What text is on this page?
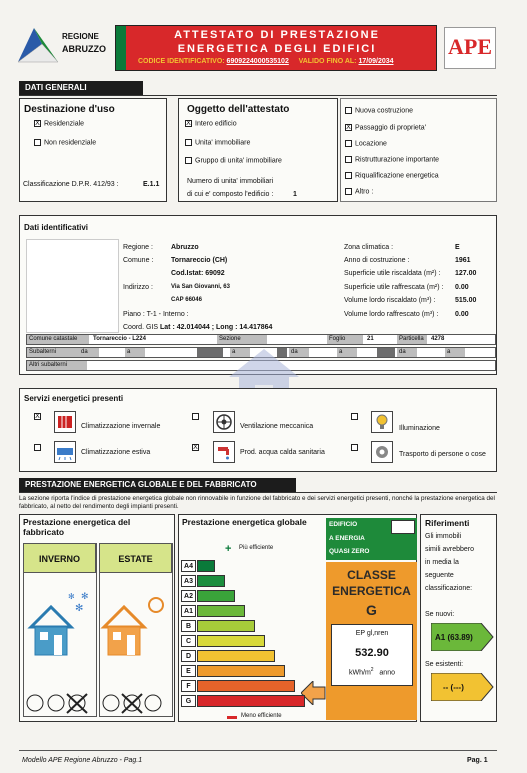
REGIONE
ABRUZZO
ATTESTATO DI PRESTAZIONE
ENERGETICA DEGLI EDIFICI
CODICE IDENTIFICATIVO: 6909224000535102 VALIDO FINO AL: 17/09/2034
APE
DATI GENERALI
Destinazione d'uso
X Residenziale
Non residenziale
Classificazione D.P.R. 412/93 :	E.1.1
Oggetto dell'attestato
X Intero edificio
Unita' immobiliare
Gruppo di unita' immobiliare
Numero di unita' immobiliari
di cui e' composto l'edificio :	1
Nuova costruzione
X Passaggio di proprieta'
Locazione
Ristrutturazione importante
Riqualificazione energetica
Altro :
Dati identificativi
Regione :	Abruzzo
Comune :	Tornareccio (CH)
Cod.Istat: 69092
Indirizzo :	Via San Giovanni, 63
CAP 66046
Piano : T-1 - Interno :
Coord. GIS :
Lat : 42.014044 ; Long : 14.417864
Zona climatica :	E
Anno di costruzione :	1961
Superficie utile riscaldata (m²) : 127.00
Superficie utile raffrescata (m²) : 0.00
Volume lordo riscaldato (m³) :	515.00
Volume lordo raffrescato (m³) : 0.00
Comune catastale	Tornareccio - L224	Sezione	Foglio	21	Particella	4278
Subalterni	da	a	a	da	a	da	a
Altri subalterni
Servizi energetici presenti
X
Climatizzazione invernale
Climatizzazione estiva
Ventilazione meccanica
X
Prod. acqua calda sanitaria
Illuminazione
Trasporto di persone o cose
PRESTAZIONE ENERGETICA GLOBALE E DEL FABBRICATO
La sezione riporta l'indice di prestazione energetica globale non rinnovabile in funzione del fabbricato e dei servizi energetici presenti, nonché la prestazione energetica del fabbricato, al netto del rendimento degli impianti presenti.
Prestazione energetica del fabbricato
INVERNO	ESTATE
✻
✻
✻
Prestazione energetica globale
+ Più efficiente
Meno efficiente
EDIFICIO
A ENERGIA
QUASI ZERO
CLASSE
ENERGETICA
G
EP gl,nren
532.90
kWh/$m^2$ anno
A4
A3
A2
A1
B
C
D
E
F
G
Riferimenti
Gli immobili
simili avrebbero
in media la
seguente
classificazione:
Se nuovi:
A1 (63.89)
Se esistenti:
-- (---)
Modello APE Regione Abruzzo - Pag.1	Pag. 1
